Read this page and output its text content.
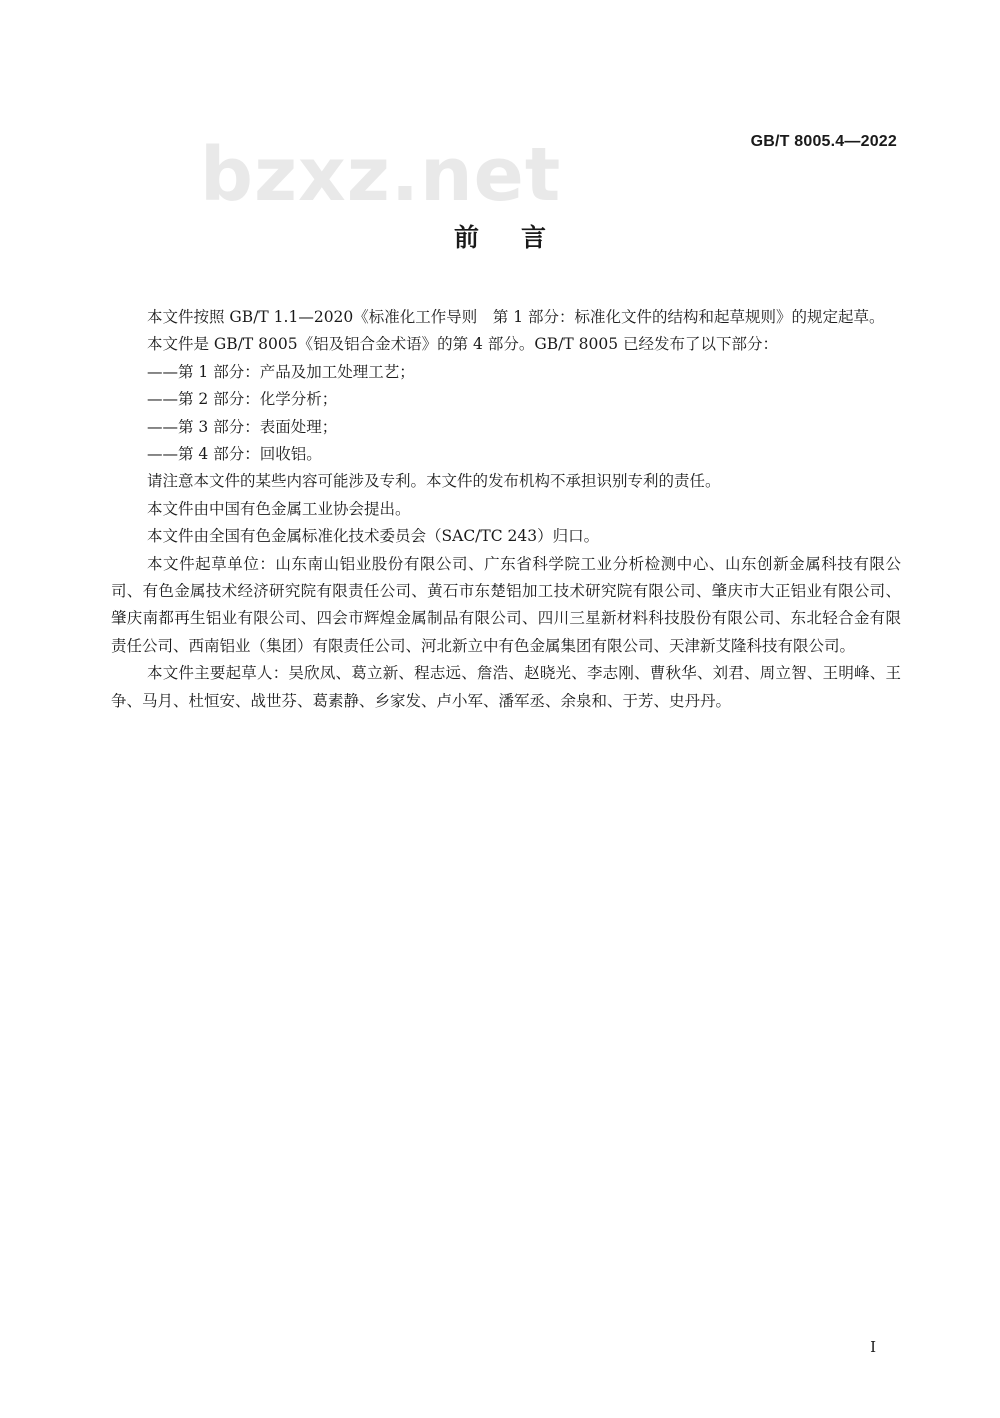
bzxz.net	GB/T 8005.4—2022
前言

本文件按照 GB/T 1.1—2020《标准化工作导则　第 1 部分：标准化文件的结构和起草规则》的规定起草。

本文件是 GB/T 8005《铝及铝合金术语》的第 4 部分。GB/T 8005 已经发布了以下部分：

——第 1 部分：产品及加工处理工艺；

——第 2 部分：化学分析；

——第 3 部分：表面处理；

——第 4 部分：回收铝。

请注意本文件的某些内容可能涉及专利。本文件的发布机构不承担识别专利的责任。

本文件由中国有色金属工业协会提出。

本文件由全国有色金属标准化技术委员会（SAC/TC 243）归口。

本文件起草单位：山东南山铝业股份有限公司、广东省科学院工业分析检测中心、山东创新金属科技有限公司、有色金属技术经济研究院有限责任公司、黄石市东楚铝加工技术研究院有限公司、肇庆市大正铝业有限公司、肇庆南都再生铝业有限公司、四会市辉煌金属制品有限公司、四川三星新材料科技股份有限公司、东北轻合金有限责任公司、西南铝业（集团）有限责任公司、河北新立中有色金属集团有限公司、天津新艾隆科技有限公司。

本文件主要起草人：吴欣凤、葛立新、程志远、詹浩、赵晓光、李志刚、曹秋华、刘君、周立智、王明峰、王争、马月、杜恒安、战世芬、葛素静、乡家发、卢小军、潘军丞、余泉和、于芳、史丹丹。

I
